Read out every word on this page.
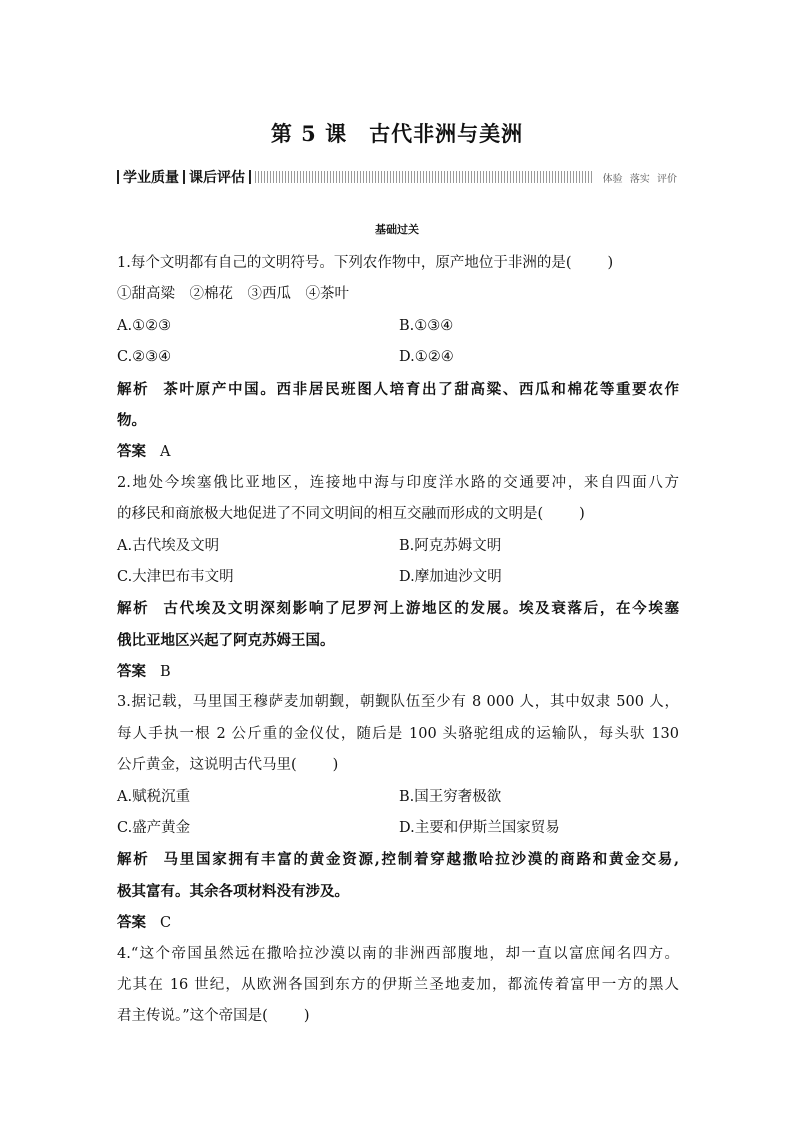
第 5 课 古代非洲与美洲
学业质量 课后评估	体验 落实 评价
基础过关
1.每个文明都有自己的文明符号。下列农作物中，原产地位于非洲的是( )
①甜高粱　②棉花　③西瓜　④茶叶
A.①②③	B.①③④
C.②③④	D.①②④
解析 茶叶原产中国。西非居民班图人培育出了甜高粱、西瓜和棉花等重要农作
物。
答案 A
2.地处今埃塞俄比亚地区，连接地中海与印度洋水路的交通要冲，来自四面八方
的移民和商旅极大地促进了不同文明间的相互交融而形成的文明是( )
A.古代埃及文明	B.阿克苏姆文明
C.大津巴布韦文明	D.摩加迪沙文明
解析 古代埃及文明深刻影响了尼罗河上游地区的发展。埃及衰落后，在今埃塞
俄比亚地区兴起了阿克苏姆王国。
答案 B
3.据记载，马里国王穆萨麦加朝觐，朝觐队伍至少有 8 000 人，其中奴隶 500 人，
每人手执一根 2 公斤重的金仪仗，随后是 100 头骆驼组成的运输队，每头驮 130
公斤黄金，这说明古代马里( )
A.赋税沉重	B.国王穷奢极欲
C.盛产黄金	D.主要和伊斯兰国家贸易
解析 马里国家拥有丰富的黄金资源,控制着穿越撒哈拉沙漠的商路和黄金交易,
极其富有。其余各项材料没有涉及。
答案 C
4.“这个帝国虽然远在撒哈拉沙漠以南的非洲西部腹地，却一直以富庶闻名四方。
尤其在 16 世纪，从欧洲各国到东方的伊斯兰圣地麦加，都流传着富甲一方的黑人
君主传说。”这个帝国是( )
